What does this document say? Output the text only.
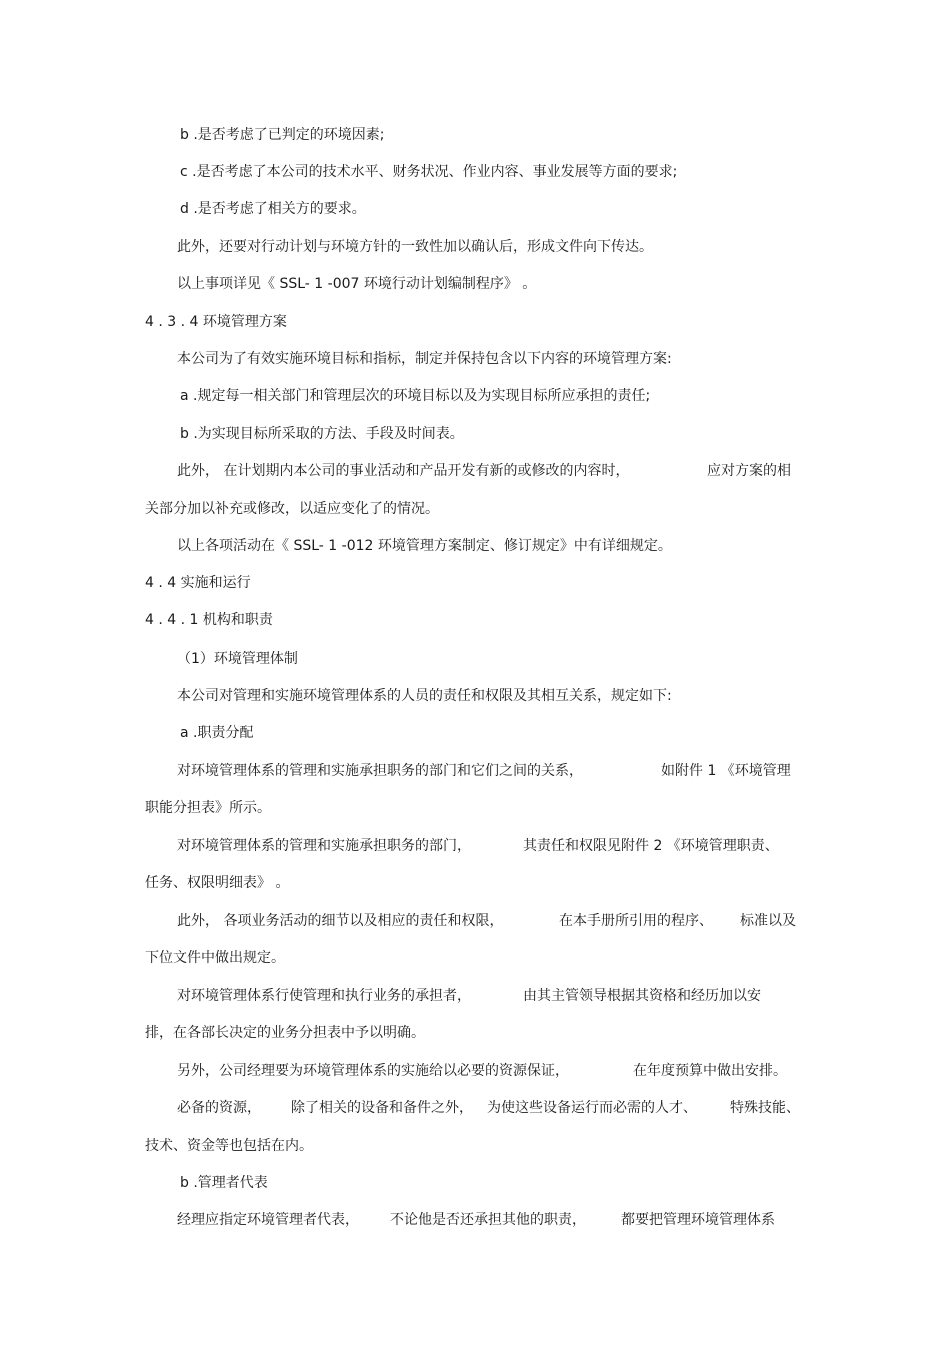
b .是否考虑了已判定的环境因素;
c .是否考虑了本公司的技术水平、财务状况、作业内容、事业发展等方面的要求;
d .是否考虑了相关方的要求。
此外，还要对行动计划与环境方针的一致性加以确认后，形成文件向下传达。
以上事项详见《 SSL- 1 -007 环境行动计划编制程序》 。
4 . 3 . 4 环境管理方案
本公司为了有效实施环境目标和指标，制定并保持包含以下内容的环境管理方案:
a .规定每一相关部门和管理层次的环境目标以及为实现目标所应承担的责任;
b .为实现目标所采取的方法、手段及时间表。
此外， 在计划期内本公司的事业活动和产品开发有新的或修改的内容时，	应对方案的相
关部分加以补充或修改，以适应变化了的情况。
以上各项活动在《 SSL- 1 -012 环境管理方案制定、修订规定》中有详细规定。
4 . 4 实施和运行
4 . 4 . 1 机构和职责
（1）环境管理体制
本公司对管理和实施环境管理体系的人员的责任和权限及其相互关系，规定如下:
a .职责分配
对环境管理体系的管理和实施承担职务的部门和它们之间的关系，	如附件 1 《环境管理
职能分担表》所示。
对环境管理体系的管理和实施承担职务的部门，	其责任和权限见附件 2 《环境管理职责、
任务、权限明细表》 。
此外， 各项业务活动的细节以及相应的责任和权限，	在本手册所引用的程序、 标准以及
下位文件中做出规定。
对环境管理体系行使管理和执行业务的承担者，	由其主管领导根据其资格和经历加以安
排，在各部长决定的业务分担表中予以明确。
另外，公司经理要为环境管理体系的实施给以必要的资源保证，	在年度预算中做出安排。
必备的资源， 除了相关的设备和备件之外， 为使这些设备运行而必需的人才、 特殊技能、
技术、资金等也包括在内。
b .管理者代表
经理应指定环境管理者代表， 不论他是否还承担其他的职责，	都要把管理环境管理体系
